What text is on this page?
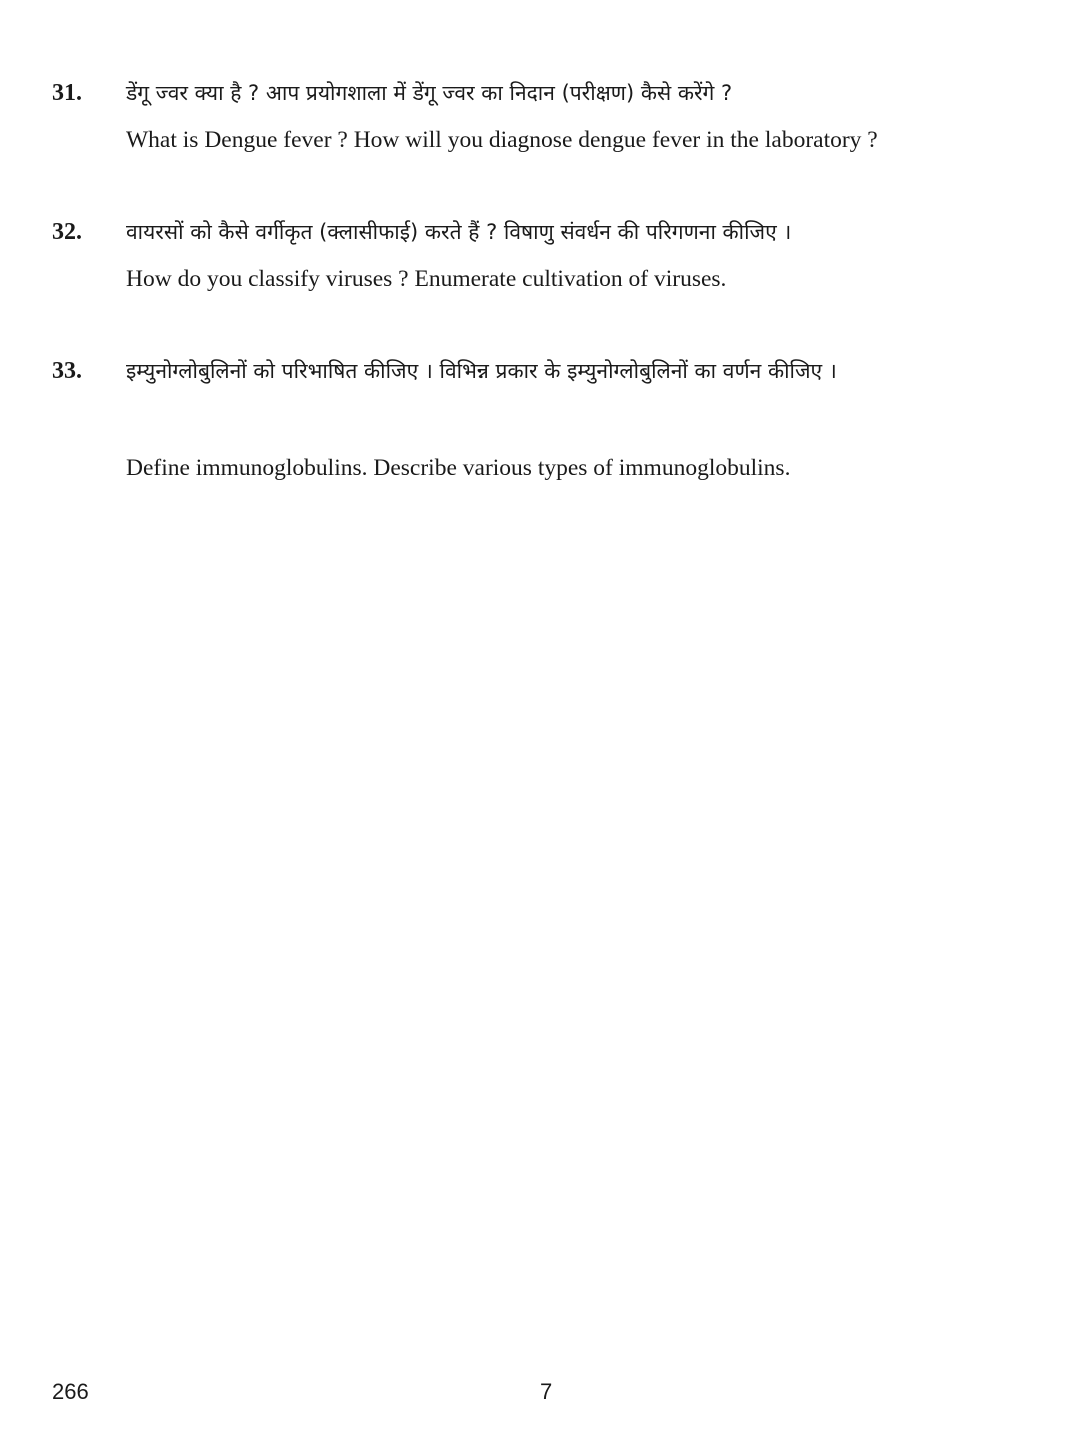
31. डेंगू ज्वर क्या है ? आप प्रयोगशाला में डेंगू ज्वर का निदान (परीक्षण) कैसे करेंगे ?
What is Dengue fever ? How will you diagnose dengue fever in the laboratory ?
32. वायरसों को कैसे वर्गीकृत (क्लासीफाई) करते हैं ? विषाणु संवर्धन की परिगणना कीजिए ।
How do you classify viruses ? Enumerate cultivation of viruses.
33. इम्युनोग्लोबुलिनों को परिभाषित कीजिए । विभिन्न प्रकार के इम्युनोग्लोबुलिनों का वर्णन कीजिए ।
Define immunoglobulins. Describe various types of immunoglobulins.
266	7
